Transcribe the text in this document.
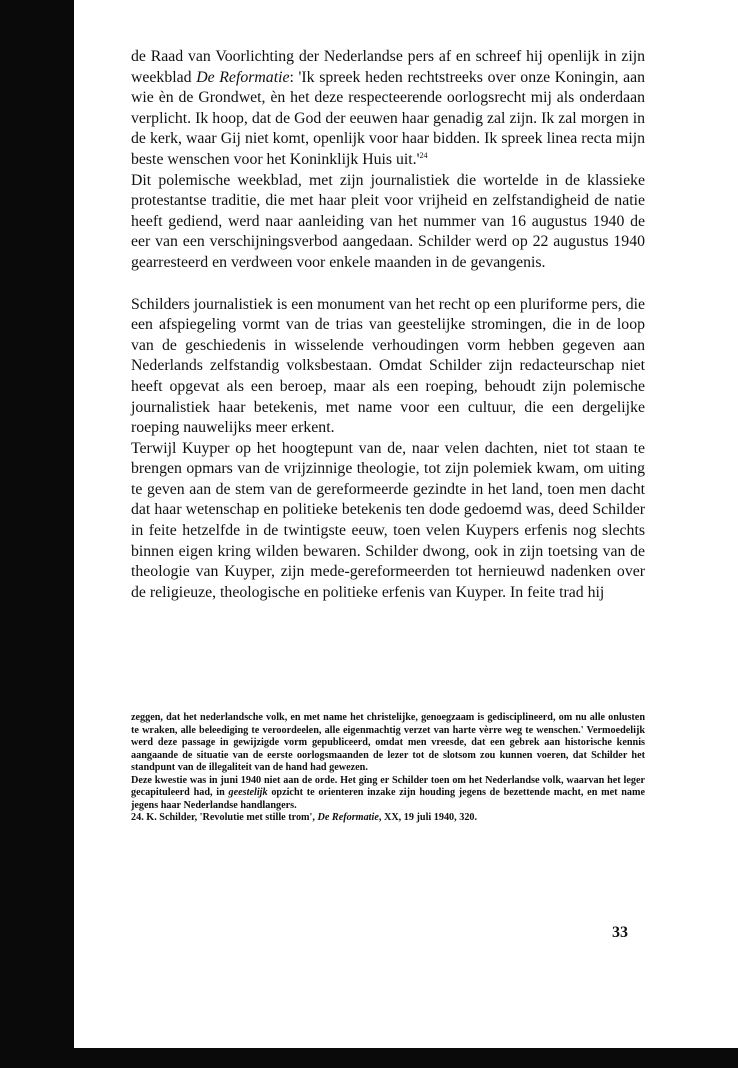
de Raad van Voorlichting der Nederlandse pers af en schreef hij openlijk in zijn weekblad De Reformatie: 'Ik spreek heden rechtstreeks over onze Koningin, aan wie èn de Grondwet, èn het deze respecteerende oorlogsrecht mij als onderdaan verplicht. Ik hoop, dat de God der eeuwen haar genadig zal zijn. Ik zal morgen in de kerk, waar Gij niet komt, openlijk voor haar bidden. Ik spreek linea recta mijn beste wenschen voor het Koninklijk Huis uit.'$^{24}$

Dit polemische weekblad, met zijn journalistiek die wortelde in de klassieke protestantse traditie, die met haar pleit voor vrijheid en zelfstandigheid de natie heeft gediend, werd naar aanleiding van het nummer van 16 augustus 1940 de eer van een verschijningsverbod aangedaan. Schilder werd op 22 augustus 1940 gearresteerd en verdween voor enkele maanden in de gevangenis.

Schilders journalistiek is een monument van het recht op een pluriforme pers, die een afspiegeling vormt van de trias van geestelijke stromingen, die in de loop van de geschiedenis in wisselende verhoudingen vorm hebben gegeven aan Nederlands zelfstandig volksbestaan. Omdat Schilder zijn redacteurschap niet heeft opgevat als een beroep, maar als een roeping, behoudt zijn polemische journalistiek haar betekenis, met name voor een cultuur, die een dergelijke roeping nauwelijks meer erkent.

Terwijl Kuyper op het hoogtepunt van de, naar velen dachten, niet tot staan te brengen opmars van de vrijzinnige theologie, tot zijn polemiek kwam, om uiting te geven aan de stem van de gereformeerde gezindte in het land, toen men dacht dat haar wetenschap en politieke betekenis ten dode gedoemd was, deed Schilder in feite hetzelfde in de twintigste eeuw, toen velen Kuypers erfenis nog slechts binnen eigen kring wilden bewaren. Schilder dwong, ook in zijn toetsing van de theologie van Kuyper, zijn mede-gereformeerden tot hernieuwd nadenken over de religieuze, theologische en politieke erfenis van Kuyper. In feite trad hij

zeggen, dat het nederlandsche volk, en met name het christelijke, genoegzaam is gedisciplineerd, om nu alle onlusten te wraken, alle beleediging te veroordeelen, alle eigenmachtig verzet van harte vèrre weg te wenschen.' Vermoedelijk werd deze passage in gewijzigde vorm gepubliceerd, omdat men vreesde, dat een gebrek aan historische kennis aangaande de situatie van de eerste oorlogsmaanden de lezer tot de slotsom zou kunnen voeren, dat Schilder het standpunt van de illegaliteit van de hand had gewezen.

Deze kwestie was in juni 1940 niet aan de orde. Het ging er Schilder toen om het Nederlandse volk, waarvan het leger gecapituleerd had, in geestelijk opzicht te orienteren inzake zijn houding jegens de bezettende macht, en met name jegens haar Nederlandse handlangers.

24. K. Schilder, 'Revolutie met stille trom', De Reformatie, XX, 19 juli 1940, 320.

33
